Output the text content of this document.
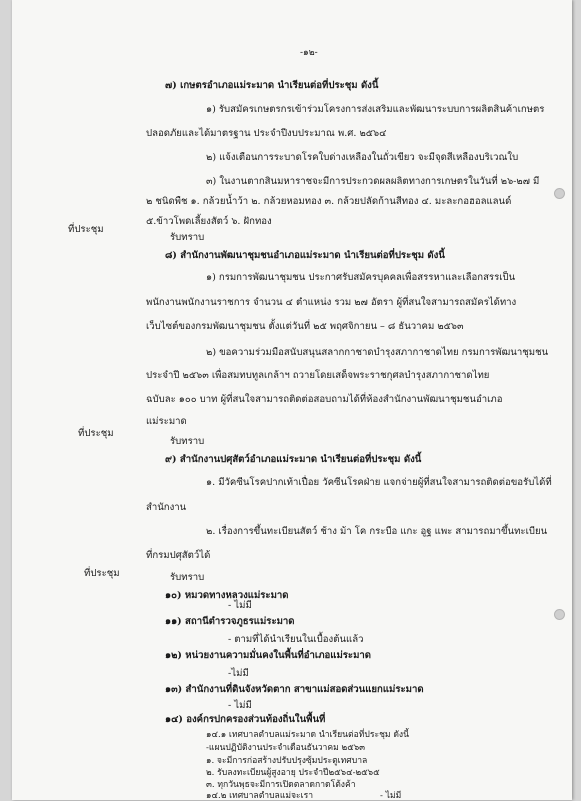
-๑๒-
๗) เกษตรอำเภอแม่ระมาด นำเรียนต่อที่ประชุม ดังนี้
๑) รับสมัครเกษตรกรเข้าร่วมโครงการส่งเสริมและพัฒนาระบบการผลิตสินค้าเกษตร
ปลอดภัยและได้มาตรฐาน ประจำปีงบประมาณ พ.ศ. ๒๕๖๔
๒) แจ้งเตือนการระบาดโรคใบด่างเหลืองในถั่วเขียว จะมีจุดสีเหลืองบริเวณใบ
๓) ในงานตากสินมหาราชจะมีการประกวดผลผลิตทางการเกษตรในวันที่ ๒๖-๒๗ มี
๒ ชนิดพืช ๑. กล้วยน้ำว้า ๒. กล้วยหอมทอง ๓. กล้วยปลัดก้านสีทอง ๔. มะละกอฮอลแลนด์
๕.ข้าวโพดเลี้ยงสัตว์ ๖. ฝักทอง
ที่ประชุม
รับทราบ
๘) สำนักงานพัฒนาชุมชนอำเภอแม่ระมาด นำเรียนต่อที่ประชุม ดังนี้
๑) กรมการพัฒนาชุมชน ประกาศรับสมัครบุคคลเพื่อสรรหาและเลือกสรรเป็น
พนักงานพนักงานราชการ จำนวน ๔ ตำแหน่ง รวม ๒๗ อัตรา ผู้ที่สนใจสามารถสมัครได้ทาง
เว็บไซต์ของกรมพัฒนาชุมชน ตั้งแต่วันที่ ๒๕ พฤศจิกายน – ๘ ธันวาคม ๒๕๖๓
๒) ขอความร่วมมือสนับสนุนสลากกาชาดบำรุงสภากาชาดไทย กรมการพัฒนาชุมชน
ประจำปี ๒๕๖๓ เพื่อสมทบทูลเกล้าฯ ถวายโดยเสด็จพระราชกุศลบำรุงสภากาชาดไทย
ฉบับละ ๑๐๐ บาท ผู้ที่สนใจสามารถติดต่อสอบถามได้ที่ห้องสำนักงานพัฒนาชุมชนอำเภอ
แม่ระมาด
ที่ประชุม
รับทราบ
๙) สำนักงานปศุสัตว์อำเภอแม่ระมาด นำเรียนต่อที่ประชุม ดังนี้
๑. มีวัคซีนโรคปากเท้าเปื่อย วัคซีนโรคฝ่าย แจกจ่ายผู้ที่สนใจสามารถติดต่อขอรับได้ที่
สำนักงาน
๒. เรื่องการขึ้นทะเบียนสัตว์ ช้าง ม้า โค กระบือ แกะ อูฐ แพะ สามารถมาขึ้นทะเบียน
ที่กรมปศุสัตว์ได้
ที่ประชุม	รับทราบ
๑๐) หมวดทางหลวงแม่ระมาด
- ไม่มี
๑๑) สถานีตำรวจภูธรแม่ระมาด
- ตามที่ได้นำเรียนในเบื้องต้นแล้ว
๑๒) หน่วยงานความมั่นคงในพื้นที่อำเภอแม่ระมาด
-ไม่มี
๑๓) สำนักงานที่ดินจังหวัดตาก สาขาแม่สอดส่วนแยกแม่ระมาด
- ไม่มี
๑๔) องค์กรปกครองส่วนท้องถิ่นในพื้นที่
๑๔.๑ เทศบาลตำบลแม่ระมาด นำเรียนต่อที่ประชุม ดังนี้
-แผนปฏิบัติงานประจำเดือนธันวาคม ๒๕๖๓
๑. จะมีการก่อสร้างปรับปรุงซุ้มประตูเทศบาล
๒. รับลงทะเบียนผู้สูงอายุ ประจำปี๒๕๖๔-๒๕๖๕
๓. ทุกวันพุธจะมีการเปิดตลาดกาดโต้งค้า
๑๔.๒ เทศบาลตำบลแม่จะเรา	- ไม่มี
